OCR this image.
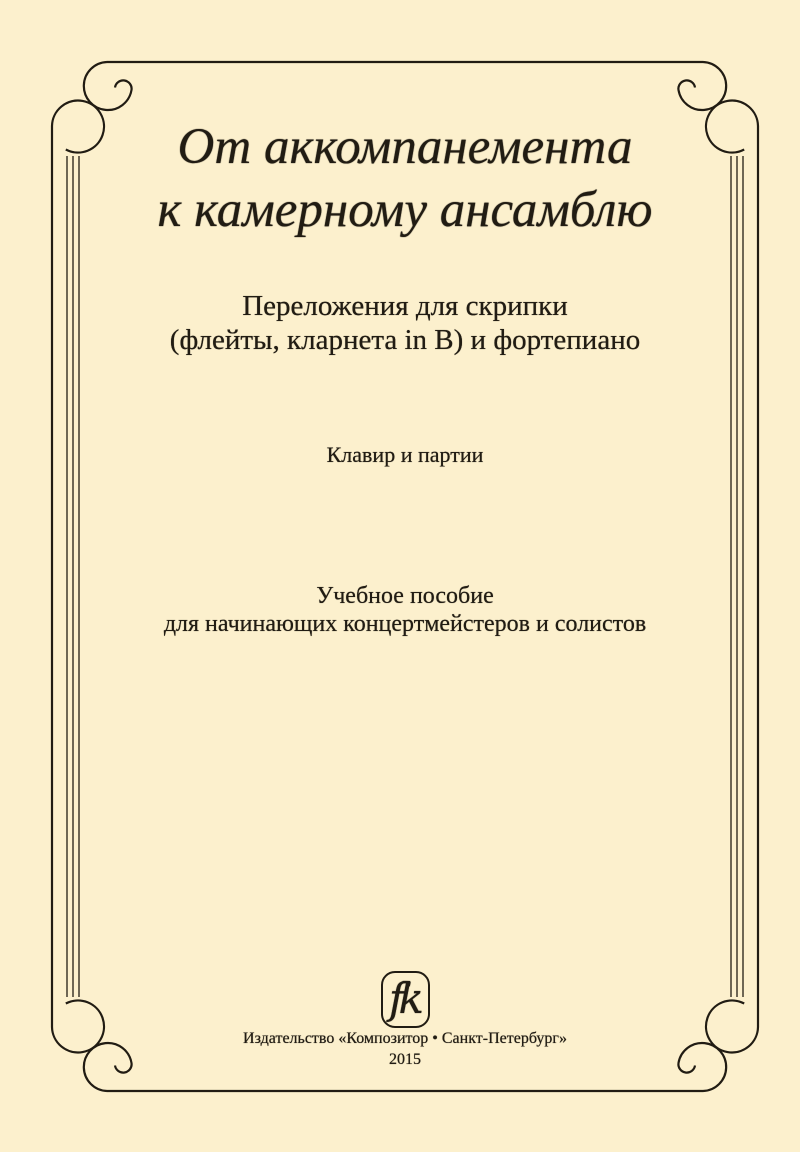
От аккомпанемента
к камерному ансамблю
Переложения для скрипки
(флейты, кларнета in B) и фортепиано
Клавир и партии
Учебное пособие
для начинающих концертмейстеров и солистов
fk
Издательство «Композитор • Санкт-Петербург»
2015
